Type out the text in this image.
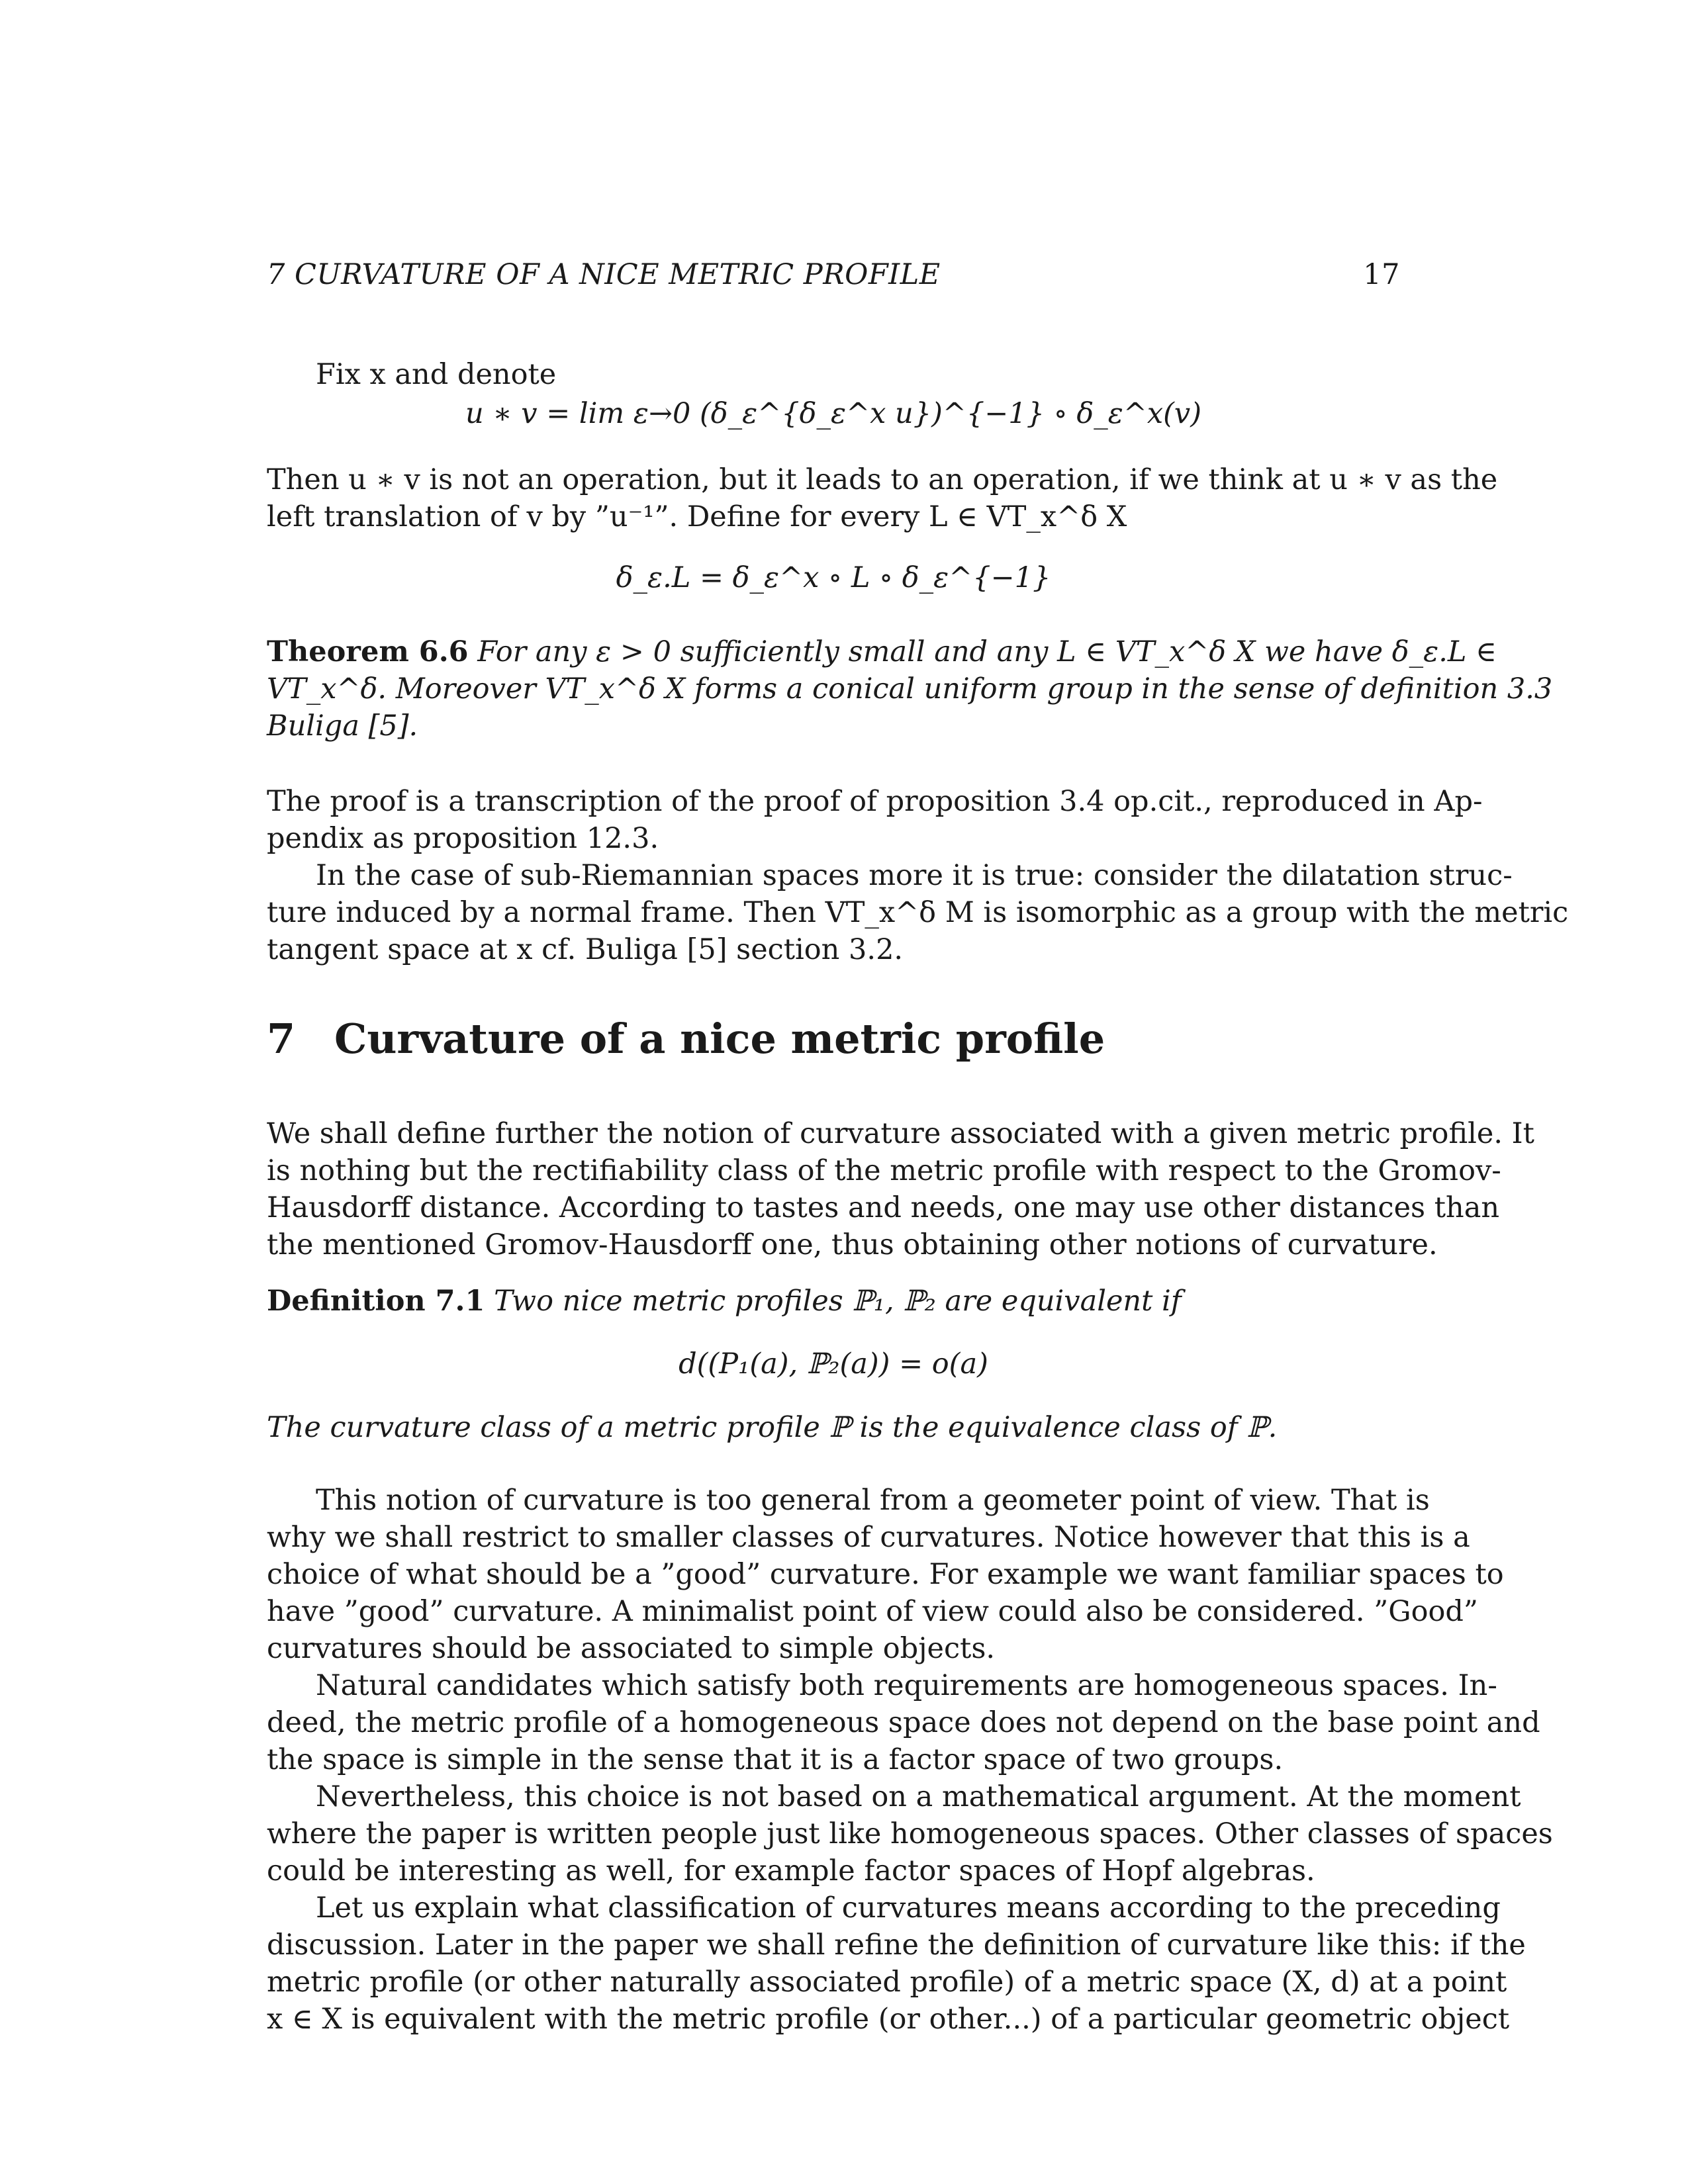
7 CURVATURE OF A NICE METRIC PROFILE	17
Fix x and denote
u ∗ v = lim ε→0 (δ_ε^{δ_ε^x u})^{−1} ∘ δ_ε^x(v)
Then u ∗ v is not an operation, but it leads to an operation, if we think at u ∗ v as the
left translation of v by ”u⁻¹”. Define for every L ∈ VT_x^δ X
δ_ε.L = δ_ε^x ∘ L ∘ δ_ε^{−1}
Theorem 6.6 For any ε > 0 sufficiently small and any L ∈ VT_x^δ X we have δ_ε.L ∈
VT_x^δ. Moreover VT_x^δ X forms a conical uniform group in the sense of definition 3.3
Buliga [5].
The proof is a transcription of the proof of proposition 3.4 op.cit., reproduced in Ap-
pendix as proposition 12.3.
In the case of sub-Riemannian spaces more it is true: consider the dilatation struc-
ture induced by a normal frame. Then VT_x^δ M is isomorphic as a group with the metric
tangent space at x cf. Buliga [5] section 3.2.
7 Curvature of a nice metric profile
We shall define further the notion of curvature associated with a given metric profile. It
is nothing but the rectifiability class of the metric profile with respect to the Gromov-
Hausdorff distance. According to tastes and needs, one may use other distances than
the mentioned Gromov-Hausdorff one, thus obtaining other notions of curvature.
Definition 7.1 Two nice metric profiles ℙ₁, ℙ₂ are equivalent if
d((P₁(a), ℙ₂(a)) = o(a)
The curvature class of a metric profile ℙ is the equivalence class of ℙ.
This notion of curvature is too general from a geometer point of view. That is
why we shall restrict to smaller classes of curvatures. Notice however that this is a
choice of what should be a ”good” curvature. For example we want familiar spaces to
have ”good” curvature. A minimalist point of view could also be considered. ”Good”
curvatures should be associated to simple objects.
Natural candidates which satisfy both requirements are homogeneous spaces. In-
deed, the metric profile of a homogeneous space does not depend on the base point and
the space is simple in the sense that it is a factor space of two groups.
Nevertheless, this choice is not based on a mathematical argument. At the moment
where the paper is written people just like homogeneous spaces. Other classes of spaces
could be interesting as well, for example factor spaces of Hopf algebras.
Let us explain what classification of curvatures means according to the preceding
discussion. Later in the paper we shall refine the definition of curvature like this: if the
metric profile (or other naturally associated profile) of a metric space (X, d) at a point
x ∈ X is equivalent with the metric profile (or other...) of a particular geometric object
